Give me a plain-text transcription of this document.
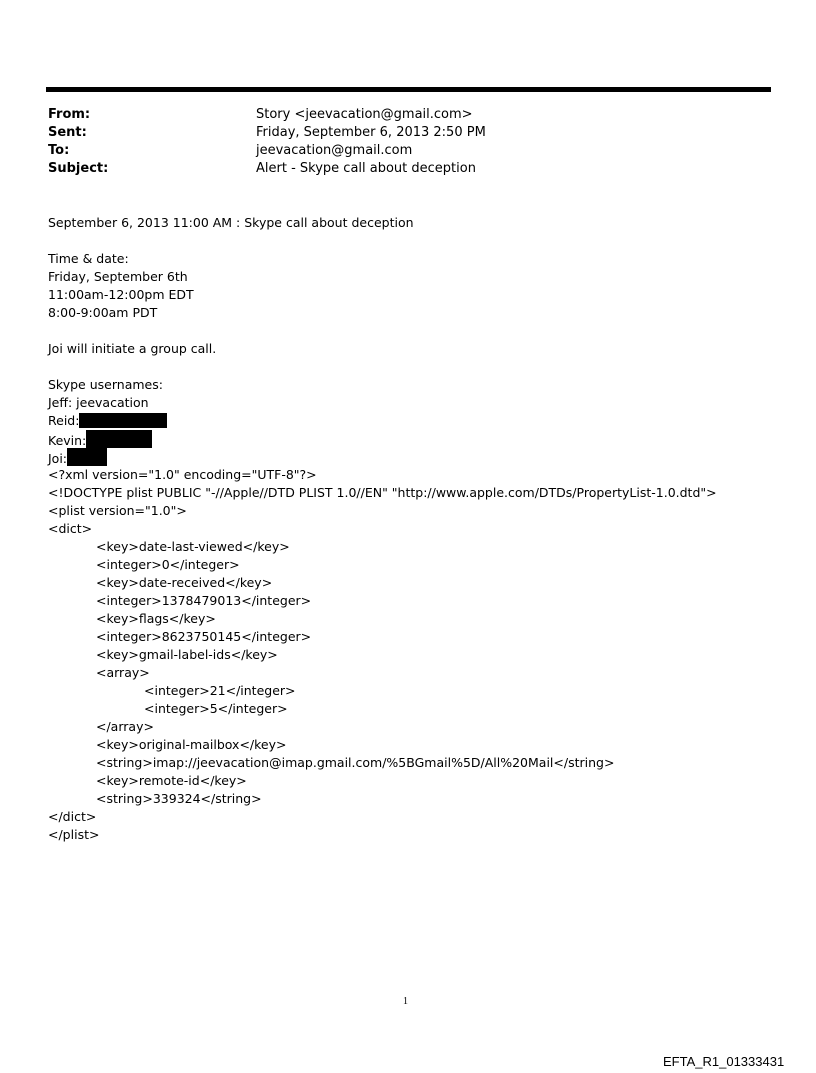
From:	Story <jeevacation@gmail.com>
Sent:	Friday, September 6, 2013 2:50 PM
To:	jeevacation@gmail.com
Subject:	Alert - Skype call about deception
September 6, 2013 11:00 AM : Skype call about deception
Time & date:
Friday, September 6th
11:00am-12:00pm EDT
8:00-9:00am PDT
Joi will initiate a group call.
Skype usernames:
Jeff: jeevacation
Reid:
Kevin:
Joi:
<?xml version="1.0" encoding="UTF-8"?>
<!DOCTYPE plist PUBLIC "-//Apple//DTD PLIST 1.0//EN" "http://www.apple.com/DTDs/PropertyList-1.0.dtd">
<plist version="1.0">
<dict>
<key>date-last-viewed</key>
<integer>0</integer>
<key>date-received</key>
<integer>1378479013</integer>
<key>flags</key>
<integer>8623750145</integer>
<key>gmail-label-ids</key>
<array>
<integer>21</integer>
<integer>5</integer>
</array>
<key>original-mailbox</key>
<string>imap://jeevacation@imap.gmail.com/%5BGmail%5D/All%20Mail</string>
<key>remote-id</key>
<string>339324</string>
</dict>
</plist>
1
EFTA_R1_01333431
